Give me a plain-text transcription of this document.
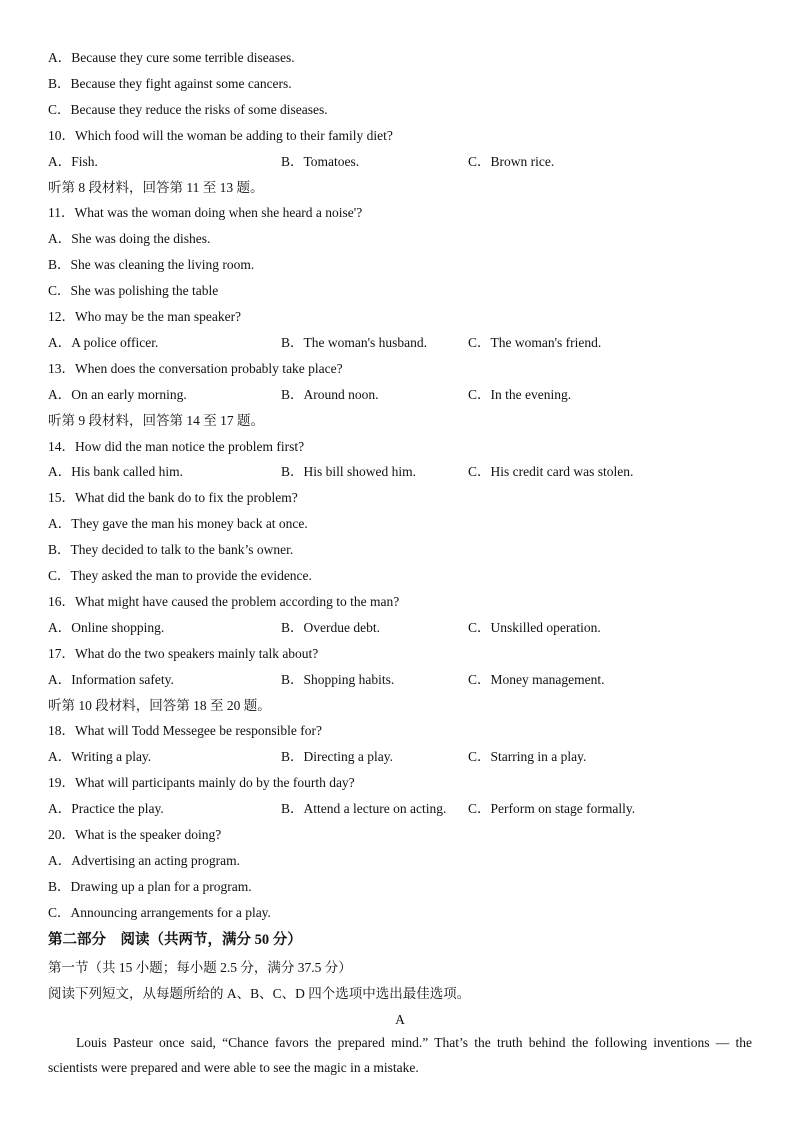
A．Because they cure some terrible diseases.
B．Because they fight against some cancers.
C．Because they reduce the risks of some diseases.
10．Which food will the woman be adding to their family diet?
A．Fish.	B．Tomatoes.	C．Brown rice.
听第 8 段材料，回答第 11 至 13 题。
11．What was the woman doing when she heard a noise'?
A．She was doing the dishes.
B．She was cleaning the living room.
C．She was polishing the table
12．Who may be the man speaker?
A．A police officer.	B．The woman's husband.	C．The woman's friend.
13．When does the conversation probably take place?
A．On an early morning.	B．Around noon.	C．In the evening.
听第 9 段材料，回答第 14 至 17 题。
14．How did the man notice the problem first?
A．His bank called him.	B．His bill showed him.	C．His credit card was stolen.
15．What did the bank do to fix the problem?
A．They gave the man his money back at once.
B．They decided to talk to the bank’s owner.
C．They asked the man to provide the evidence.
16．What might have caused the problem according to the man?
A．Online shopping.	B．Overdue debt.	C．Unskilled operation.
17．What do the two speakers mainly talk about?
A．Information safety.	B．Shopping habits.	C．Money management.
听第 10 段材料，回答第 18 至 20 题。
18．What will Todd Messegee be responsible for?
A．Writing a play.	B．Directing a play.	C．Starring in a play.
19．What will participants mainly do by the fourth day?
A．Practice the play.	B．Attend a lecture on acting. C．Perform on stage formally.
20．What is the speaker doing?
A．Advertising an acting program.
B．Drawing up a plan for a program.
C．Announcing arrangements for a play.
第二部分　阅读（共两节，满分 50 分）
第一节（共 15 小题；每小题 2.5 分，满分 37.5 分）
阅读下列短文，从每题所给的 A、B、C、D 四个选项中选出最佳选项。
A
Louis Pasteur once said, “Chance favors the prepared mind.” That’s the truth behind the following inventions — the scientists were prepared and were able to see the magic in a mistake.
